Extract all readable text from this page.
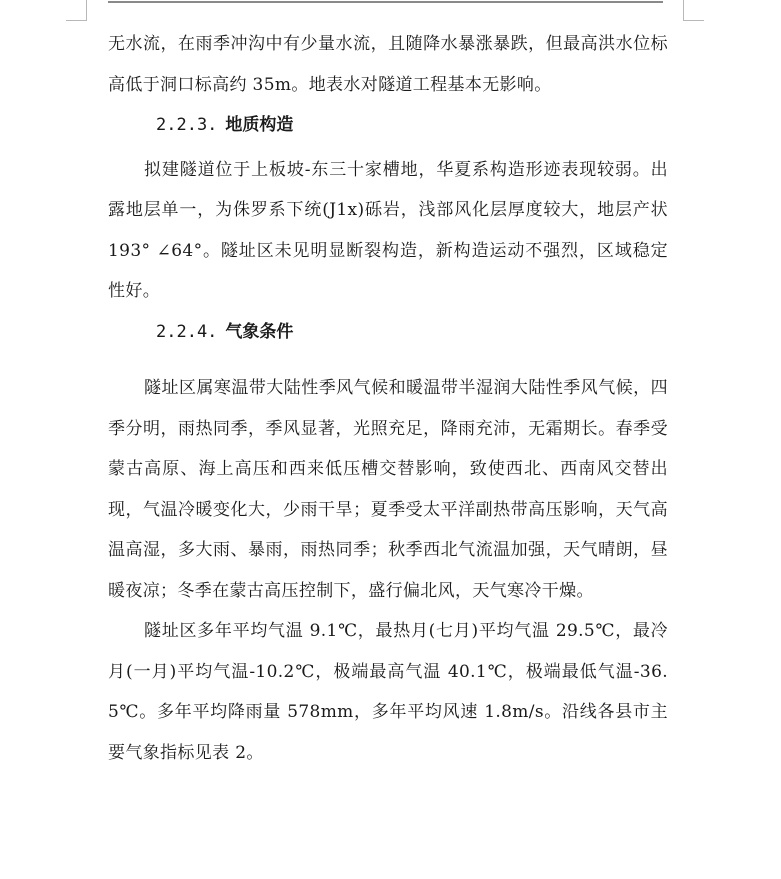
无水流，在雨季冲沟中有少量水流，且随降水暴涨暴跌，但最高洪水位标高低于洞口标高约 35m。地表水对隧道工程基本无影响。

2.2.3. 地质构造

拟建隧道位于上板坡-东三十家槽地，华夏系构造形迹表现较弱。出露地层单一，为侏罗系下统(J1x)砾岩，浅部风化层厚度较大，地层产状 193° ∠64°。隧址区未见明显断裂构造，新构造运动不强烈，区域稳定性好。

2.2.4. 气象条件

隧址区属寒温带大陆性季风气候和暖温带半湿润大陆性季风气候，四季分明，雨热同季，季风显著，光照充足，降雨充沛，无霜期长。春季受蒙古高原、海上高压和西来低压槽交替影响，致使西北、西南风交替出现，气温冷暖变化大，少雨干旱；夏季受太平洋副热带高压影响，天气高温高湿，多大雨、暴雨，雨热同季；秋季西北气流温加强，天气晴朗，昼暖夜凉；冬季在蒙古高压控制下，盛行偏北风，天气寒冷干燥。

隧址区多年平均气温 9.1℃，最热月(七月)平均气温 29.5℃，最冷月(一月)平均气温-10.2℃，极端最高气温 40.1℃，极端最低气温-36.5℃。多年平均降雨量 578mm，多年平均风速 1.8m/s。沿线各县市主要气象指标见表 2。
